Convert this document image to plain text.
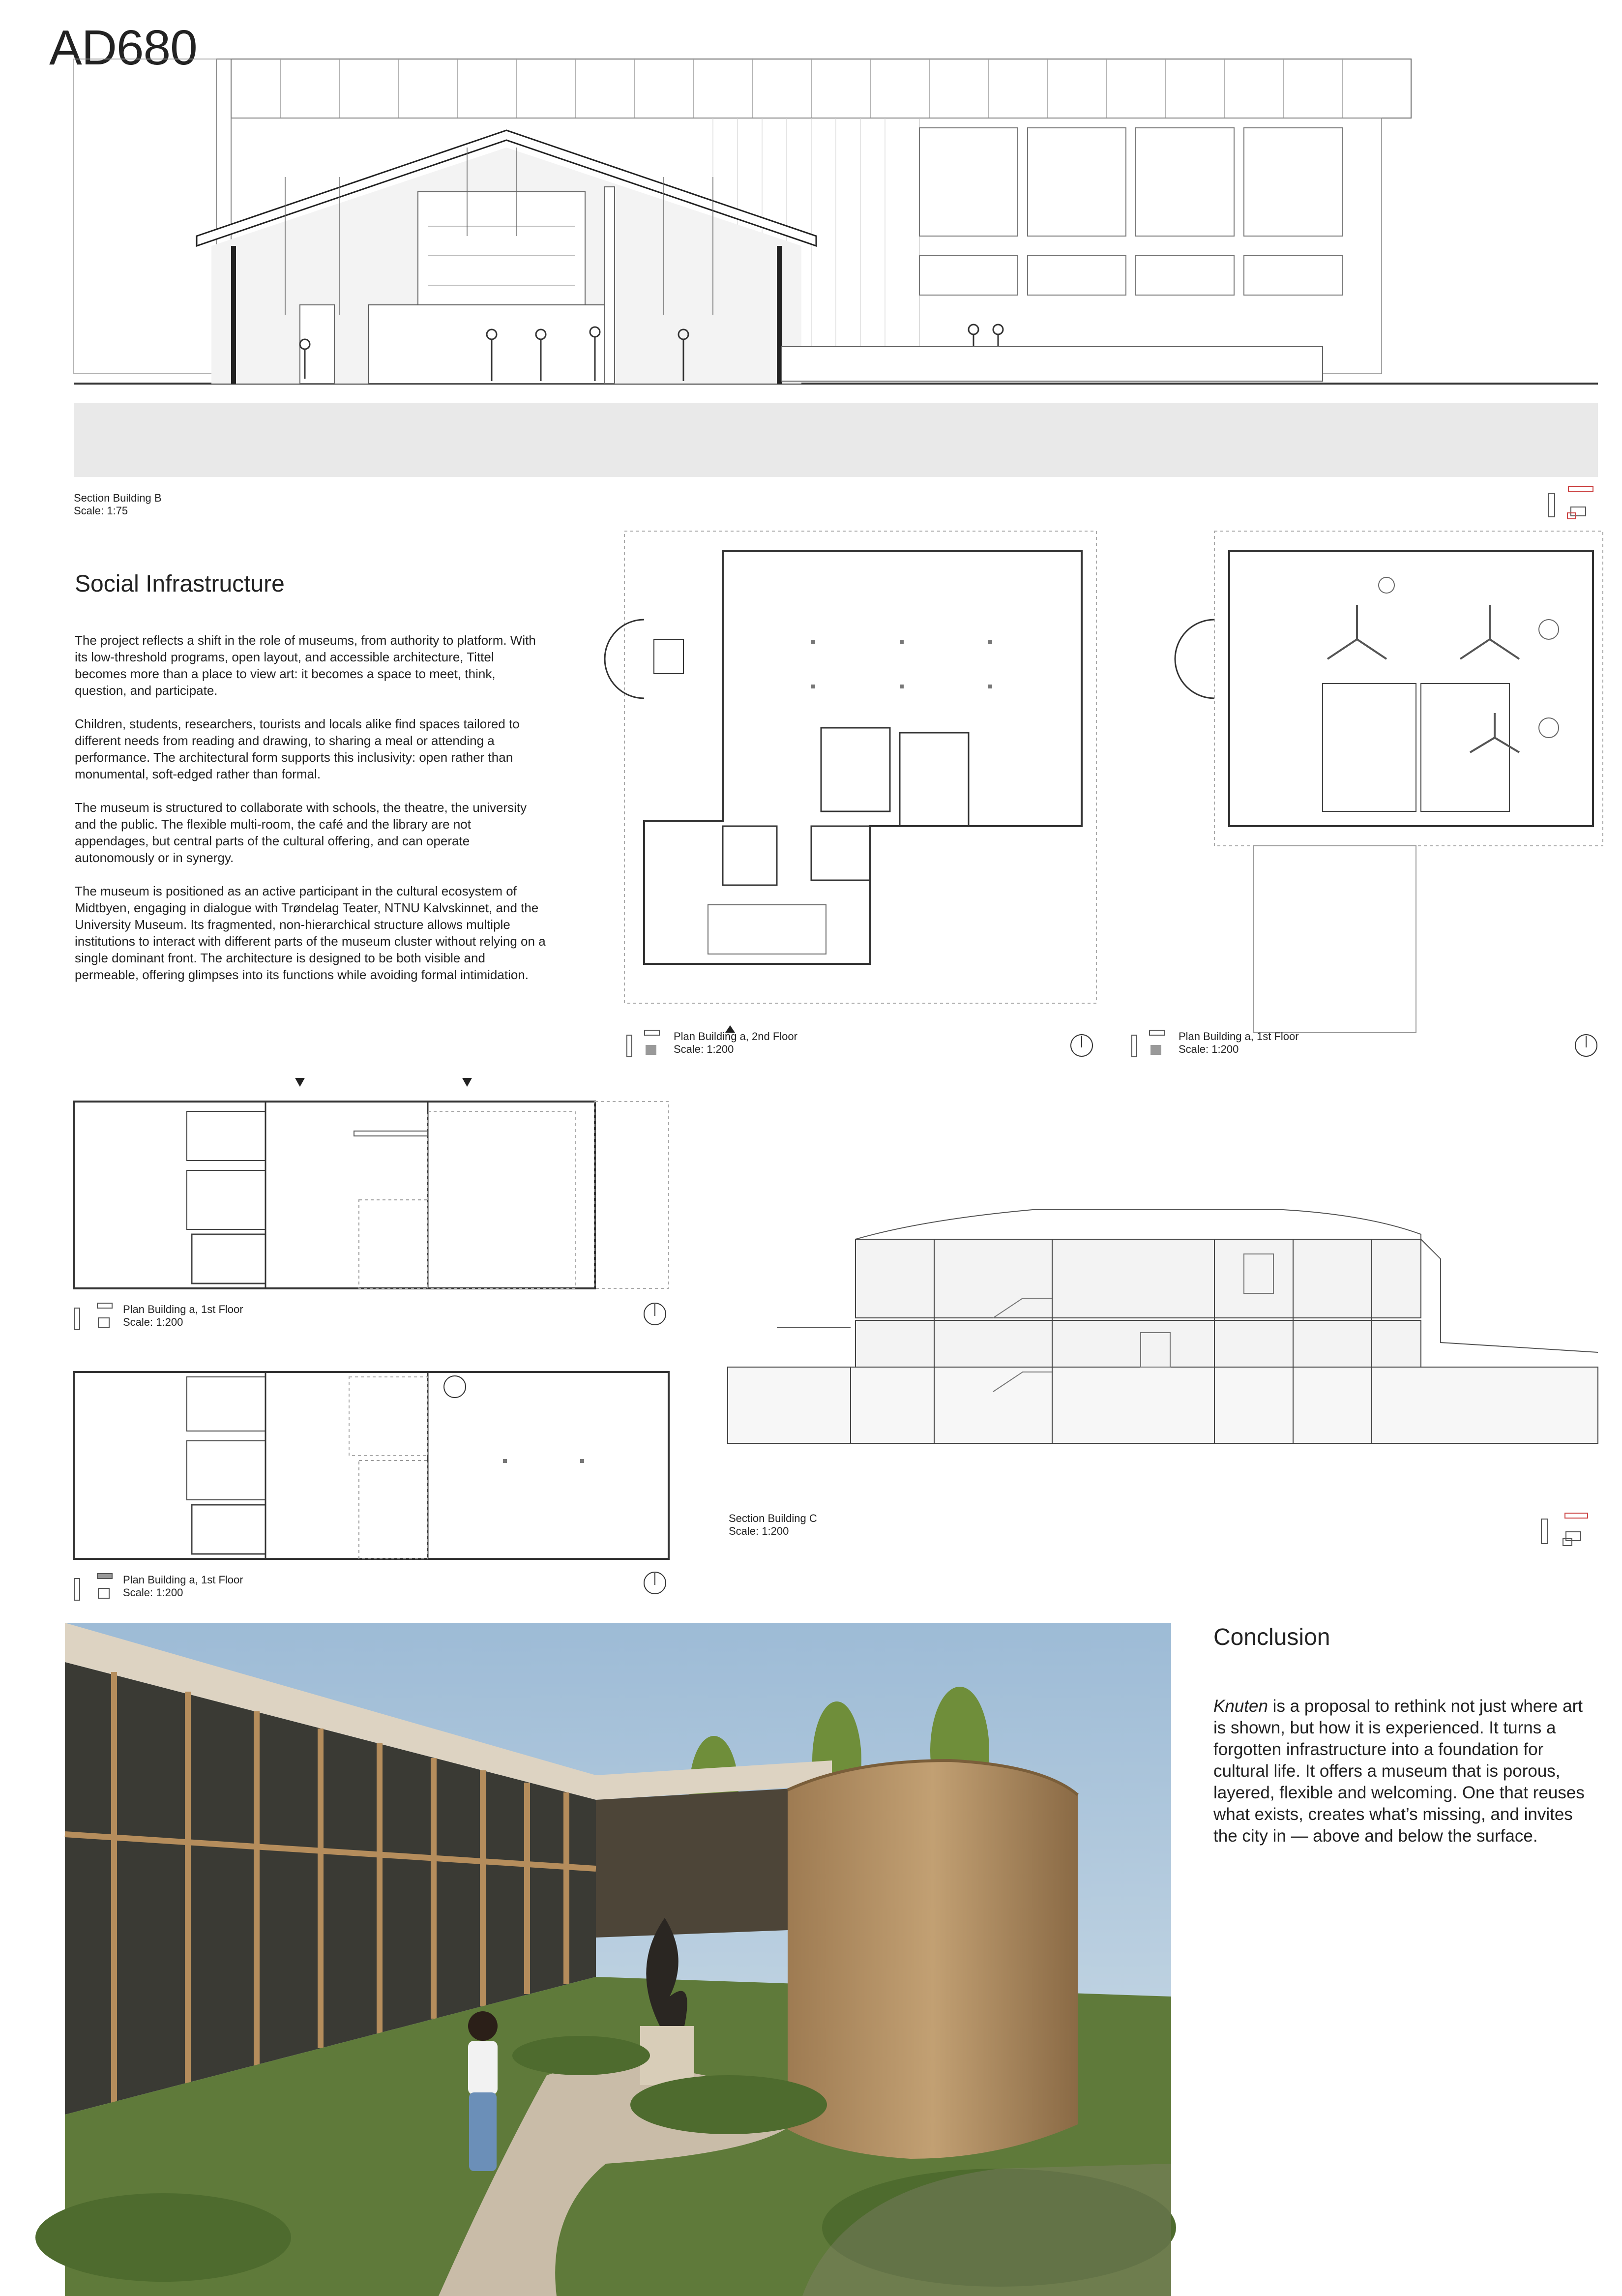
AD680
Section Building B
Scale: 1:75
Social Infrastructure

The project reflects a shift in the role of museums, from authority to platform. With its low-threshold programs, open layout, and accessible architecture, Tittel becomes more than a place to view art: it becomes a space to meet, think, question, and participate.

Children, students, researchers, tourists and locals alike find spaces tailored to different needs from reading and drawing, to sharing a meal or attending a performance. The architectural form supports this inclusivity: open rather than monumental, soft-edged rather than formal.

The museum is structured to collaborate with schools, the theatre, the university and the public. The flexible multi-room, the café and the library are not appendages, but central parts of the cultural offering, and can operate autonomously or in synergy.

The museum is positioned as an active participant in the cultural ecosystem of Midtbyen, engaging in dialogue with Trøndelag Teater, NTNU Kalvskinnet, and the University Museum. Its fragmented, non-hierarchical structure allows multiple institutions to interact with different parts of the museum cluster without relying on a single dominant front. The architecture is designed to be both visible and permeable, offering glimpses into its functions while avoiding formal intimidation.

Plan Building a, 2nd Floor
Scale: 1:200
Plan Building a, 1st Floor
Scale: 1:200
Plan Building a, 1st Floor
Scale: 1:200
Plan Building a, 1st Floor
Scale: 1:200
Section Building C
Scale: 1:200
Conclusion
Knuten is a proposal to rethink not just where art is shown, but how it is experienced. It turns a forgotten infrastructure into a foundation for cultural life. It offers a museum that is porous, layered, flexible and welcoming. One that reuses what exists, creates what’s missing, and invites the city in — above and below the surface.
